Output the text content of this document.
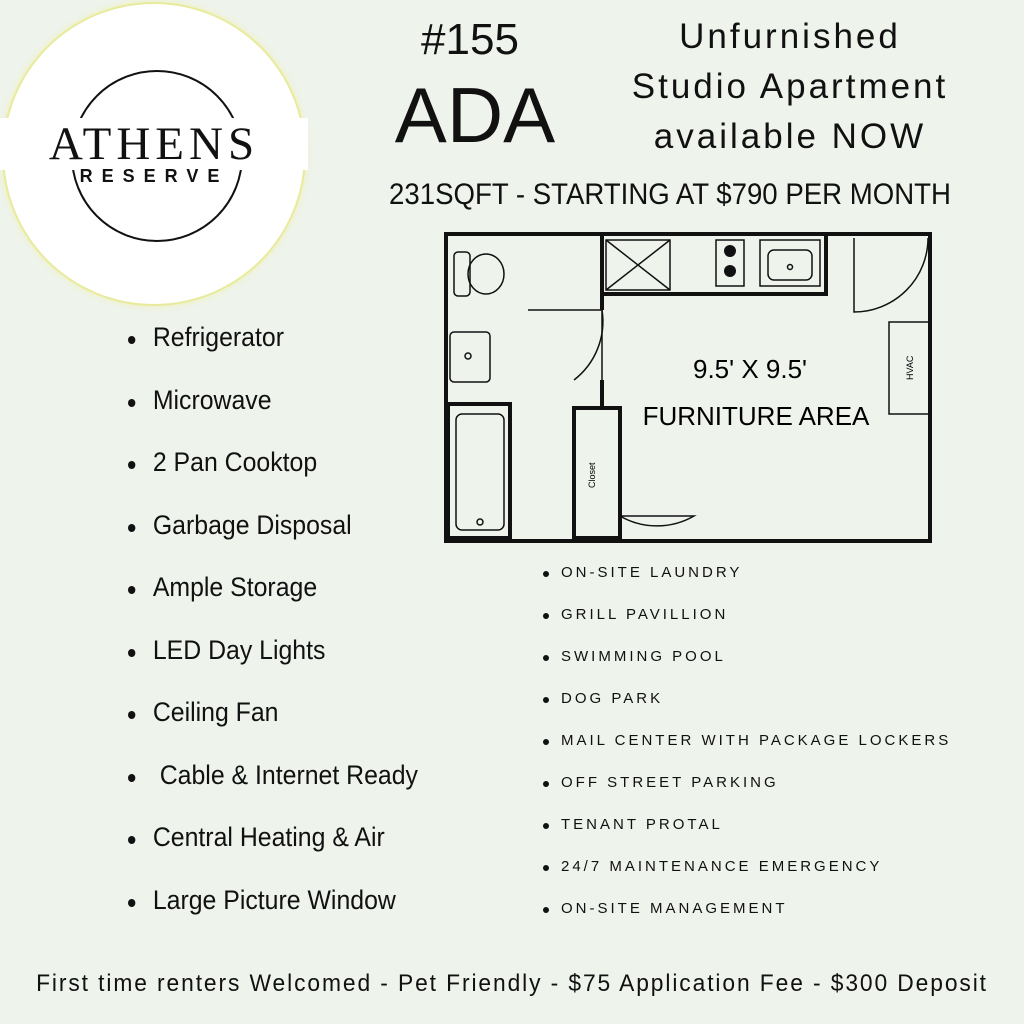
ATHENS
RESERVE
#155
ADA
Unfurnished
Studio Apartment
available NOW
231SQFT - STARTING AT $790 PER MONTH
9.5' X 9.5'
FURNITURE AREA
Closet
HVAC
Refrigerator
Microwave
2 Pan Cooktop
Garbage Disposal
Ample Storage
LED Day Lights
Ceiling Fan
Cable & Internet Ready
Central Heating & Air
Large Picture Window
ON-SITE LAUNDRY
GRILL PAVILLION
SWIMMING POOL
DOG PARK
MAIL CENTER WITH PACKAGE LOCKERS
OFF STREET PARKING
TENANT PROTAL
24/7 MAINTENANCE EMERGENCY
ON-SITE MANAGEMENT
First time renters Welcomed - Pet Friendly - $75 Application Fee - $300 Deposit
